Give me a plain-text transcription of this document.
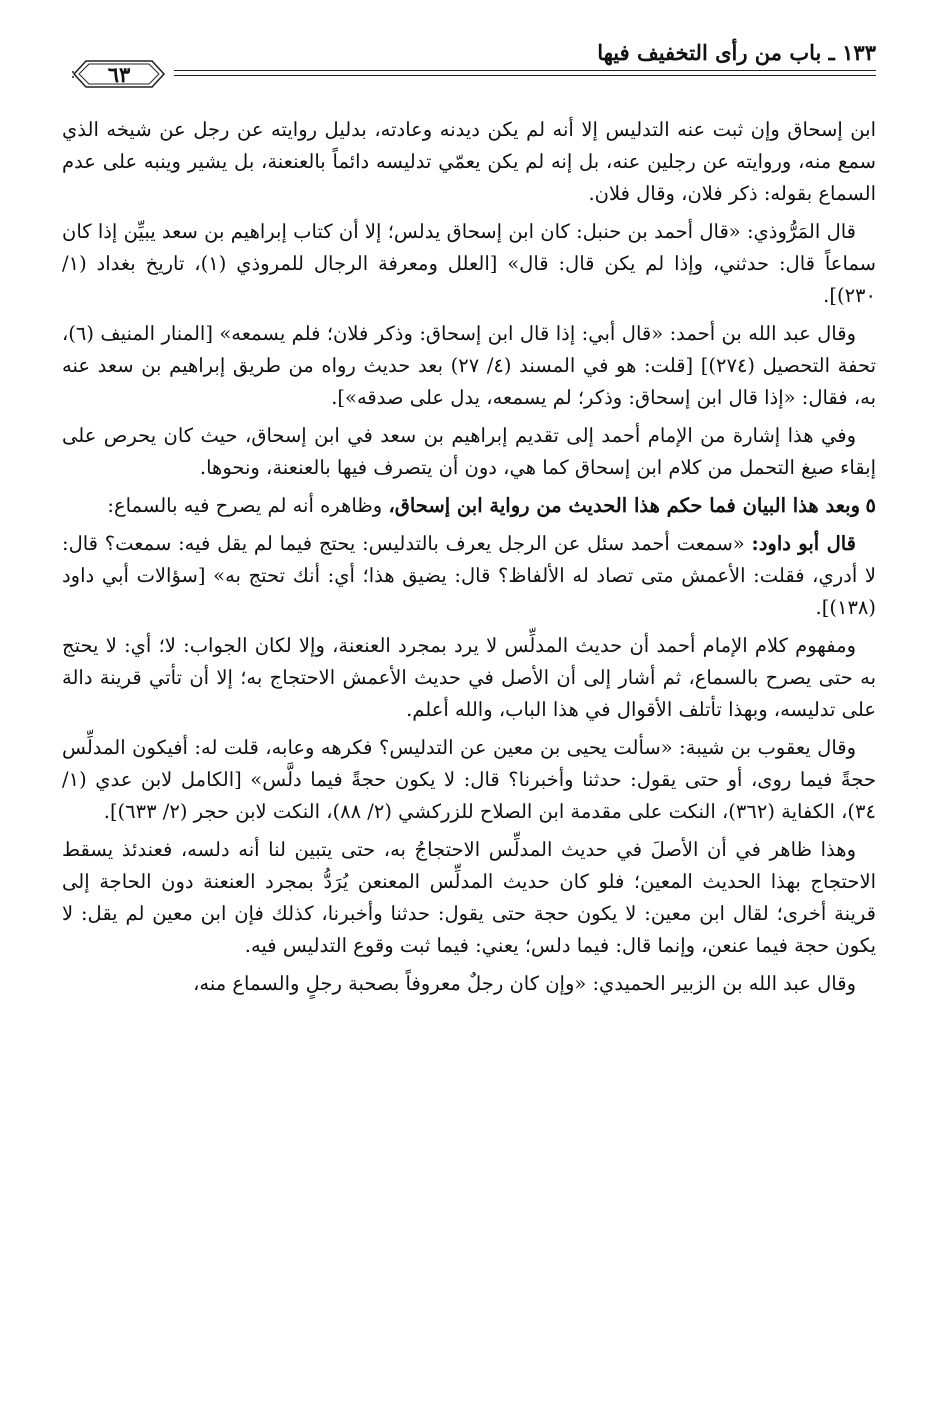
١٣٣ ـ باب من رأى التخفيف فيها
٦٣

ابن إسحاق وإن ثبت عنه التدليس إلا أنه لم يكن ديدنه وعادته، بدليل روايته عن رجل عن شيخه الذي سمع منه، وروايته عن رجلين عنه، بل إنه لم يكن يعمّي تدليسه دائماً بالعنعنة، بل يشير وينبه على عدم السماع بقوله: ذكر فلان، وقال فلان.

قال المَرُّوذي: «قال أحمد بن حنبل: كان ابن إسحاق يدلس؛ إلا أن كتاب إبراهيم بن سعد يبيِّن إذا كان سماعاً قال: حدثني، وإذا لم يكن قال: قال» [العلل ومعرفة الرجال للمروذي (١)، تاريخ بغداد (١/ ٢٣٠)].

وقال عبد الله بن أحمد: «قال أبي: إذا قال ابن إسحاق: وذكر فلان؛ فلم يسمعه» [المنار المنيف (٦)، تحفة التحصيل (٢٧٤)] [قلت: هو في المسند (٤/ ٢٧) بعد حديث رواه من طريق إبراهيم بن سعد عنه به، فقال: «إذا قال ابن إسحاق: وذكر؛ لم يسمعه، يدل على صدقه»].

وفي هذا إشارة من الإمام أحمد إلى تقديم إبراهيم بن سعد في ابن إسحاق، حيث كان يحرص على إبقاء صيغ التحمل من كلام ابن إسحاق كما هي، دون أن يتصرف فيها بالعنعنة، ونحوها.

٥وبعد هذا البيان فما حكم هذا الحديث من رواية ابن إسحاق، وظاهره أنه لم يصرح فيه بالسماع:

قال أبو داود: «سمعت أحمد سئل عن الرجل يعرف بالتدليس: يحتج فيما لم يقل فيه: سمعت؟ قال: لا أدري، فقلت: الأعمش متى تصاد له الألفاظ؟ قال: يضيق هذا؛ أي: أنك تحتج به» [سؤالات أبي داود (١٣٨)].

ومفهوم كلام الإمام أحمد أن حديث المدلِّس لا يرد بمجرد العنعنة، وإلا لكان الجواب: لا؛ أي: لا يحتج به حتى يصرح بالسماع، ثم أشار إلى أن الأصل في حديث الأعمش الاحتجاج به؛ إلا أن تأتي قرينة دالة على تدليسه، وبهذا تأتلف الأقوال في هذا الباب، والله أعلم.

وقال يعقوب بن شيبة: «سألت يحيى بن معين عن التدليس؟ فكرهه وعابه، قلت له: أفيكون المدلِّس حجةً فيما روى، أو حتى يقول: حدثنا وأخبرنا؟ قال: لا يكون حجةً فيما دلَّس» [الكامل لابن عدي (١/ ٣٤)، الكفاية (٣٦٢)، النكت على مقدمة ابن الصلاح للزركشي (٢/ ٨٨)، النكت لابن حجر (٢/ ٦٣٣)].

وهذا ظاهر في أن الأصلَ في حديث المدلِّس الاحتجاجُ به، حتى يتبين لنا أنه دلسه، فعندئذ يسقط الاحتجاج بهذا الحديث المعين؛ فلو كان حديث المدلِّس المعنعن يُرَدُّ بمجرد العنعنة دون الحاجة إلى قرينة أخرى؛ لقال ابن معين: لا يكون حجة حتى يقول: حدثنا وأخبرنا، كذلك فإن ابن معين لم يقل: لا يكون حجة فيما عنعن، وإنما قال: فيما دلس؛ يعني: فيما ثبت وقوع التدليس فيه.

وقال عبد الله بن الزبير الحميدي: «وإن كان رجلٌ معروفاً بصحبة رجلٍ والسماع منه،
